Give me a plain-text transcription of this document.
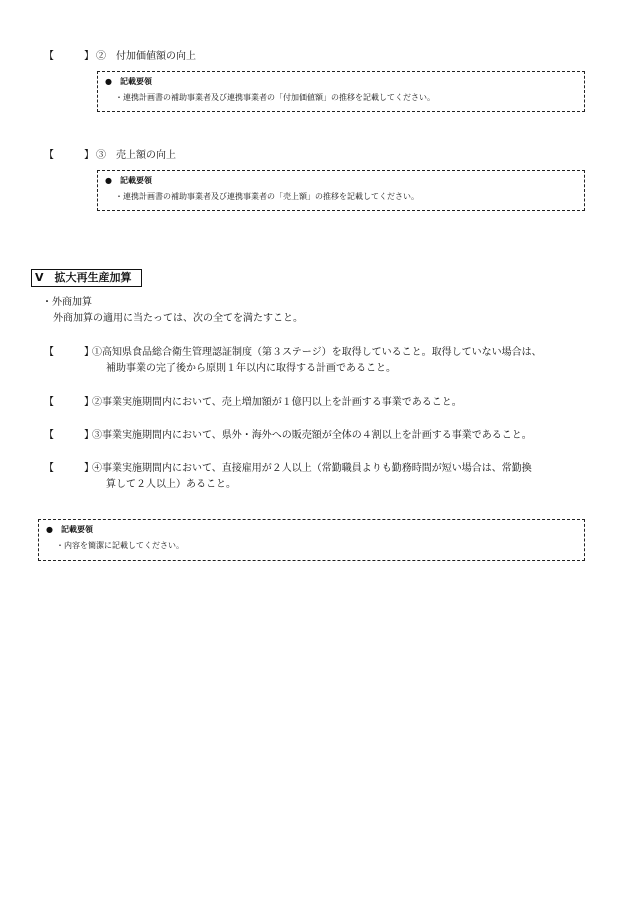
【	】 ②　付加価値額の向上
●　記載要領
・連携計画書の補助事業者及び連携事業者の「付加価値額」の推移を記載してください。
【	】 ③　売上額の向上
●　記載要領
・連携計画書の補助事業者及び連携事業者の「売上額」の推移を記載してください。
Ⅴ　拡大再生産加算
・外商加算
外商加算の適用に当たっては、次の全てを満たすこと。
【	】
①高知県食品総合衛生管理認証制度（第３ステージ）を取得していること。取得していない場合は、
補助事業の完了後から原則１年以内に取得する計画であること。
【	】
②事業実施期間内において、売上増加額が１億円以上を計画する事業であること。
【	】
③事業実施期間内において、県外・海外への販売額が全体の４割以上を計画する事業であること。
【	】
④事業実施期間内において、直接雇用が２人以上（常勤職員よりも勤務時間が短い場合は、常勤換
算して２人以上）あること。
●　記載要領
・内容を簡潔に記載してください。
